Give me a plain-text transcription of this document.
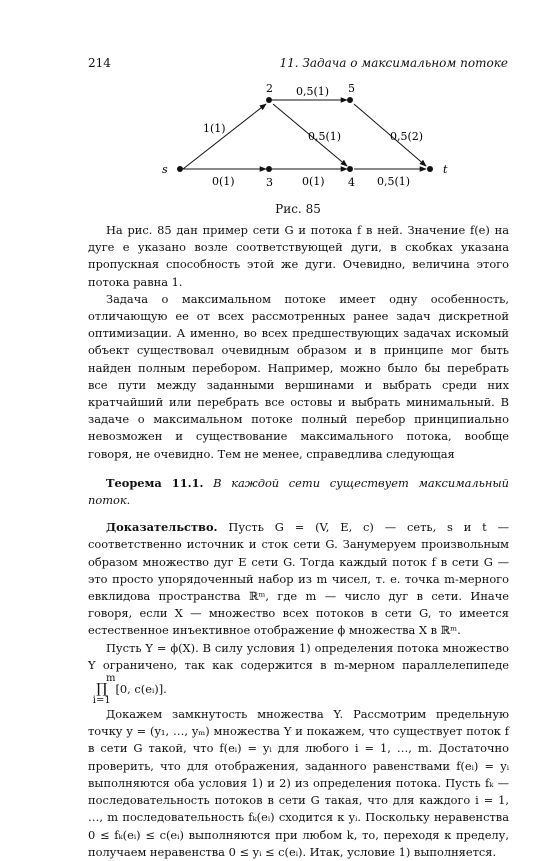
214	11. Задача о максимальном потоке
s
2
3	4
5
t
1(1)
0(1)
0,5(1)
0,5(1)
0(1)
0,5(2)
0,5(1)
Рис. 85

На рис. 85 дан пример сети G и потока f в ней. Значение f(e) на дуге e указано возле соответствующей дуги, в скобках указана пропускная способность этой же дуги. Очевидно, величина этого потока равна 1.

Задача о максимальном потоке имеет одну особенность, отличающую ее от всех рассмотренных ранее задач дискретной оптимизации. А именно, во всех предшествующих задачах искомый объект существовал очевидным образом и в принципе мог быть найден полным перебором. Например, можно было бы перебрать все пути между заданными вершинами и выбрать среди них кратчайший или перебрать все остовы и выбрать минимальный. В задаче о максимальном потоке полный перебор принципиально невозможен и существование максимального потока, вообще говоря, не очевидно. Тем не менее, справедлива следующая

Теорема 11.1. В каждой сети существует максимальный поток.

Доказательство. Пусть G = (V, E, c) — сеть, s и t — соответственно источник и сток сети G. Занумеруем произвольным образом множество дуг E сети G. Тогда каждый поток f в сети G — это просто упорядоченный набор из m чисел, т. е. точка m-мерного евклидова пространства ℝᵐ, где m — число дуг в сети. Иначе говоря, если X — множество всех потоков в сети G, то имеется естественное инъективное отображение ϕ множества X в ℝᵐ.

Пусть Y = ϕ(X). В силу условия 1) определения потока множество Y ограничено, так как содержится в m-мерном параллелепипеде m
∏
i=1[0, c(eᵢ)].

Докажем замкнутость множества Y. Рассмотрим предельную точку y = (y₁, …, yₘ) множества Y и покажем, что существует поток f в сети G такой, что f(eᵢ) = yᵢ для любого i = 1, …, m. Достаточно проверить, что для отображения, заданного равенствами f(eᵢ) = yᵢ выполняются оба условия 1) и 2) из определения потока. Пусть fₖ — последовательность потоков в сети G такая, что для каждого i = 1, …, m последовательность fₖ(eᵢ) сходится к yᵢ. Поскольку неравенства 0 ≤ fₖ(eᵢ) ≤ c(eᵢ) выполняются при любом k, то, переходя к пределу, получаем неравенства 0 ≤ yᵢ ≤ c(eᵢ). Итак, условие 1) выполняется.
